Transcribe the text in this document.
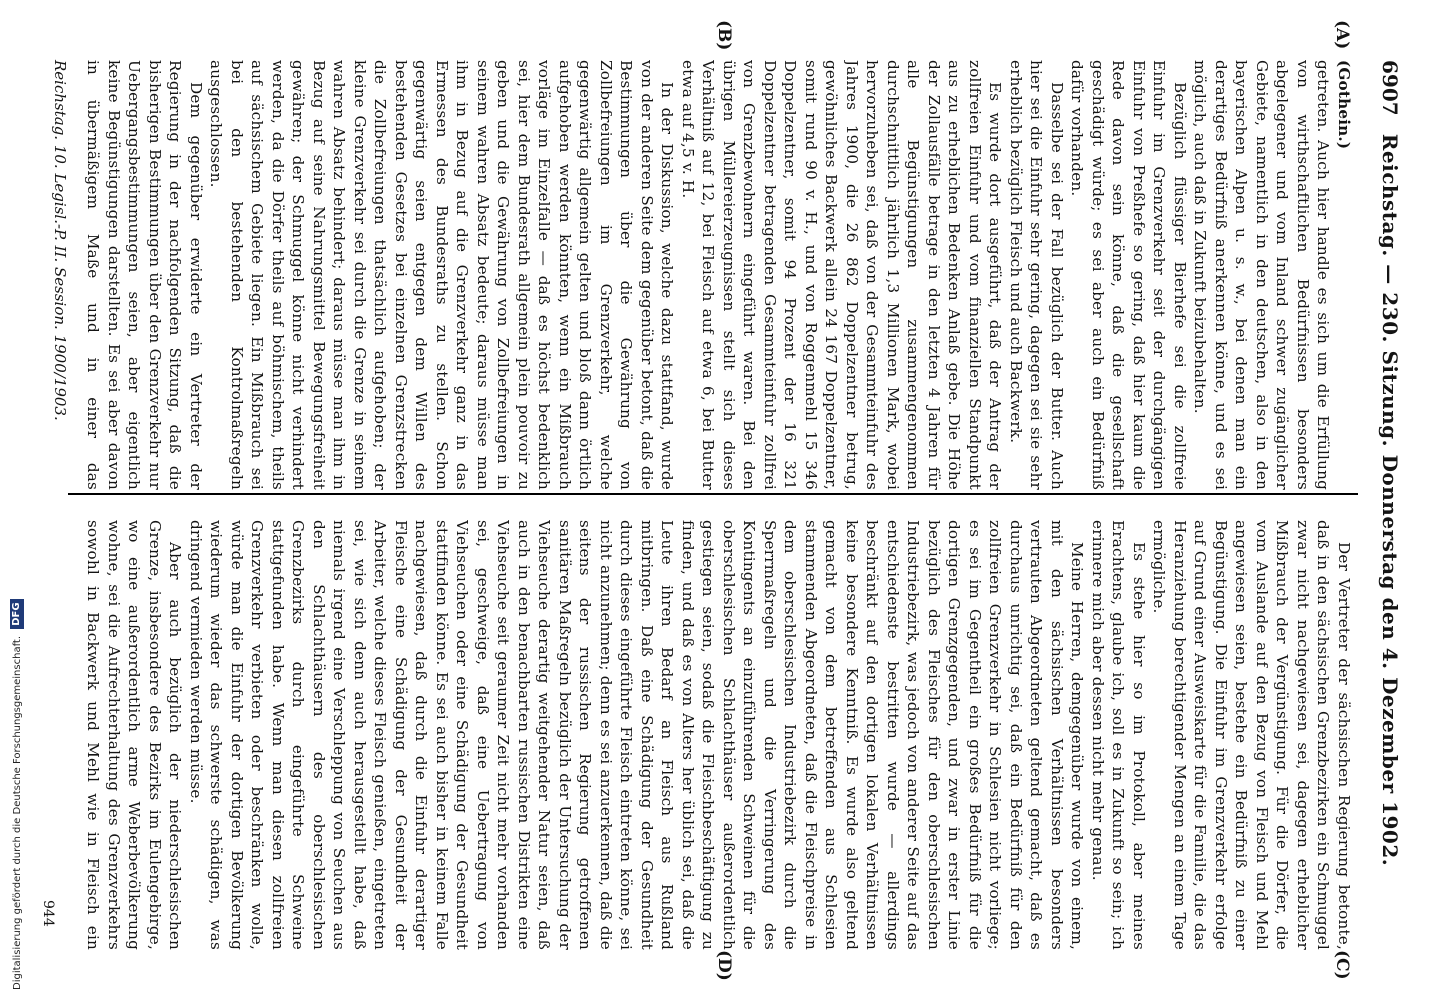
6907
Reichstag. — 230. Sitzung. Donnerstag den 4. Dezember 1902.
(A)
(B)
(C)
(D)

(Gothein.)

getreten. Auch hier handle es sich um die Erfüllung von wirthschaftlichen Bedürfnissen besonders abgelegener und vom Inland schwer zugänglicher Gebiete, namentlich in den deutschen, also in den bayerischen Alpen u. s. w., bei denen man ein derartiges Bedürfniß anerkennen könne, und es sei möglich, auch daß in Zukunft beizubehalten.

Bezüglich flüssiger Bierhefe sei die zollfreie Einfuhr im Grenzverkehr seit der durchgängigen Einfuhr von Preßhefe so gering, daß hier kaum die Rede davon sein könne, daß die gesellschaft geschädigt würde; es sei aber auch ein Bedürfniß dafür vorhanden.

Dasselbe sei der Fall bezüglich der Butter. Auch hier sei die Einfuhr sehr gering, dagegen sei sie sehr erheblich bezüglich Fleisch und auch Backwerk.

Es wurde dort ausgeführt, daß der Antrag der zollfreien Einfuhr und vom finanziellen Standpunkt aus zu erheblichen Bedenken Anlaß gebe. Die Höhe der Zollausfälle betrage in den letzten 4 Jahren für alle Begünstigungen zusammengenommen durchschnittlich jährlich 1,3 Millionen Mark, wobei hervorzuheben sei, daß von der Gesammteinfuhr des Jahres 1900, die 26 862 Doppelzentner betrug, gewöhnliches Backwerk allein 24 167 Doppelzentner, somit rund 90 v. H., und von Roggenmehl 15 346 Doppelzentner, somit 94 Prozent der 16 321 Doppelzentner betragenden Gesammteinfuhr zollfrei von Grenzbewohnern eingeführt waren. Bei den übrigen Müllereierzeugnissen stellt sich dieses Verhältniß auf 12, bei Fleisch auf etwa 6, bei Butter etwa auf 4,5 v. H.

In der Diskussion, welche dazu stattfand, wurde von der anderen Seite dem gegenüber betont, daß die Bestimmungen über die Gewährung von Zollbefreiungen im Grenzverkehr, welche gegenwärtig allgemein gelten und bloß dann örtlich aufgehoben werden könnten, wenn ein Mißbrauch vorläge im Einzelfalle — daß es höchst bedenklich sei, hier dem Bundesrath allgemein plein pouvoir zu geben und die Gewährung von Zollbefreiungen in seinem wahren Absatz bedeute; daraus müsse man ihm in Bezug auf die Grenzverkehr ganz in das Ermessen des Bundesraths zu stellen. Schon gegenwärtig seien entgegen dem Willen des bestehenden Gesetzes bei einzelnen Grenzstrecken die Zollbefreiungen thatsächlich aufgehoben; der kleine Grenzverkehr sei durch die Grenze in seinem wahren Absatz behindert; daraus müsse man ihm in Bezug auf seine Nahrungsmittel Bewegungsfreiheit gewähren; der Schmuggel könne nicht verhindert werden, da die Dörfer theils auf böhmischem, theils auf sächsischem Gebiete liegen. Ein Mißbrauch sei bei den bestehenden Kontrolmaßregeln ausgeschlossen.

Dem gegenüber erwiderte ein Vertreter der Regierung in der nachfolgenden Sitzung, daß die bisherigen Bestimmungen über den Grenzverkehr nur Uebergangsbestimmungen seien, aber eigentlich keine Begünstigungen darstellten. Es sei aber davon in übermäßigem Maße und in einer das

Der Vertreter der sächsischen Regierung betonte, daß in den sächsischen Grenzbezirken ein Schmuggel zwar nicht nachgewiesen sei, dagegen erheblicher Mißbrauch der Vergünstigung. Für die Dörfer, die vom Auslande auf den Bezug von Fleisch und Mehl angewiesen seien, bestehe ein Bedürfniß zu einer Begünstigung. Die Einfuhr im Grenzverkehr erfolge auf Grund einer Ausweiskarte für die Familie, die das Heranziehung berechtigender Mengen an einem Tage ermögliche.

Es stehe hier so im Protokoll, aber meines Erachtens, glaube ich, soll es in Zukunft so sein; ich erinnere mich aber dessen nicht mehr genau.

Meine Herren, demgegenüber wurde von einem, mit den sächsischen Verhältnissen besonders vertrauten Abgeordneten geltend gemacht, daß es durchaus unrichtig sei, daß ein Bedürfniß für den zollfreien Grenzverkehr in Schlesien nicht vorliege; es sei im Gegentheil ein großes Bedürfniß für die dortigen Grenzgegenden, und zwar in erster Linie bezüglich des Fleisches für den oberschlesischen Industriebezirk, was jedoch von anderer Seite auf das entschiedenste bestritten wurde — allerdings beschränkt auf den dortigen lokalen Verhältnissen keine besondere Kenntniß. Es wurde also geltend gemacht von dem betreffenden aus Schlesien stammenden Abgeordneten, daß die Fleischpreise in dem oberschlesischen Industriebezirk durch die Sperrmaßregeln und die Verringerung des Kontingents an einzuführenden Schweinen für die oberschlesischen Schlachthäuser außerordentlich gestiegen seien, sodaß die Fleischbeschäftigung zu finden, und daß es von Alters her üblich sei, daß die Leute ihren Bedarf an Fleisch aus Rußland mitbringen. Daß eine Schädigung der Gesundheit durch dieses eingeführte Fleisch eintreten könne, sei nicht anzunehmen; denn es sei anzuerkennen, daß die seitens der russischen Regierung getroffenen sanitären Maßregeln bezüglich der Untersuchung der Viehseuche derartig weitgehender Natur seien, daß auch in den benachbarten russischen Distrikten eine Viehseuche seit geraumer Zeit nicht mehr vorhanden sei, geschweige, daß eine Uebertragung von Viehseuchen oder eine Schädigung der Gesundheit stattfinden könne. Es sei auch bisher in keinem Falle nachgewiesen, daß durch die Einfuhr derartiger Fleische eine Schädigung der Gesundheit der Arbeiter, welche dieses Fleisch genießen, eingetreten sei, wie sich denn auch herausgestellt habe, daß niemals irgend eine Verschleppung von Seuchen aus den Schlachthäusern des oberschlesischen Grenzbezirks durch eingeführte Schweine stattgefunden habe. Wenn man diesen zollfreien Grenzverkehr verbieten oder beschränken wolle, würde man die Einfuhr der dortigen Bevölkerung wiederum wieder das schwerste schädigen, was dringend vermieden werden müsse.

Aber auch bezüglich der niederschlesischen Grenze, insbesondere des Bezirks im Eulengebirge, wo eine außerordentlich arme Weberbevölkerung wohne, sei die Aufrechterhaltung des Grenzverkehrs sowohl in Backwerk und Mehl wie in Fleisch ein

Reichstag. 10. Legisl.-P. II. Session. 1900/1903.
944
Digitalisierung gefördert durch die Deutsche Forschungsgemeinschaft. DFG
